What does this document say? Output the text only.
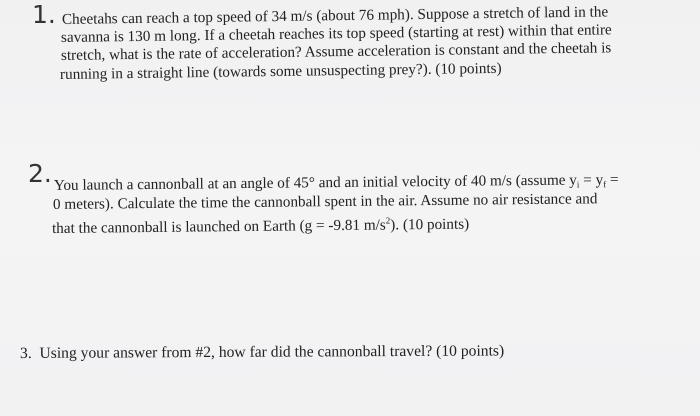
1. Cheetahs can reach a top speed of 34 m/s (about 76 mph). Suppose a stretch of land in the
savanna is 130 m long. If a cheetah reaches its top speed (starting at rest) within that entire
stretch, what is the rate of acceleration? Assume acceleration is constant and the cheetah is
running in a straight line (towards some unsuspecting prey?). (10 points)
2. You launch a cannonball at an angle of 45° and an initial velocity of 40 m/s (assume $y_i = y_f$ =
0 meters). Calculate the time the cannonball spent in the air. Assume no air resistance and
that the cannonball is launched on Earth (g = -9.81 $m/s^2$). (10 points)
3. Using your answer from #2, how far did the cannonball travel? (10 points)
